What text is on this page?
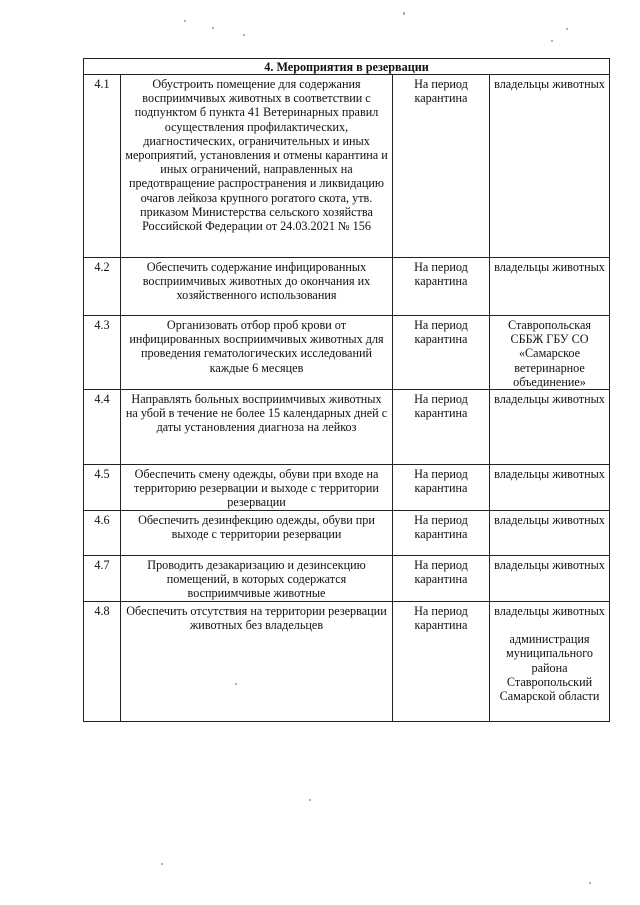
4. Мероприятия в резервации			
4.1	Обустроить помещение для содержания восприимчивых животных в соответствии с подпунктом б пункта 41 Ветеринарных правил осуществления профилактических, диагностических, ограничительных и иных мероприятий, установления и отмены карантина и иных ограничений, направленных на предотвращение распространения и ликвидацию очагов лейкоза крупного рогатого скота, утв. приказом Министерства сельского хозяйства Российской Федерации от 24.03.2021 № 156	На период карантина	владельцы животных
4.2	Обеспечить содержание инфицированных восприимчивых животных до окончания их хозяйственного использования	На период карантина	владельцы животных
4.3	Организовать отбор проб крови от инфицированных восприимчивых животных для проведения гематологических исследований каждые 6 месяцев	На период карантина	Ставропольская СББЖ ГБУ СО «Самарское ветеринарное объединение»
4.4	Направлять больных восприимчивых животных на убой в течение не более 15 календарных дней с даты установления диагноза на лейкоз	На период карантина	владельцы животных
4.5	Обеспечить смену одежды, обуви при входе на территорию резервации и выходе с территории резервации	На период карантина	владельцы животных
4.6	Обеспечить дезинфекцию одежды, обуви при выходе с территории резервации	На период карантина	владельцы животных
4.7	Проводить дезакаризацию и дезинсекцию помещений, в которых содержатся восприимчивые животные	На период карантина	владельцы животных
4.8	Обеспечить отсутствия на территории резервации животных без владельцев	На период карантина	владельцы животных
администрация муниципального района Ставропольский Самарской области
